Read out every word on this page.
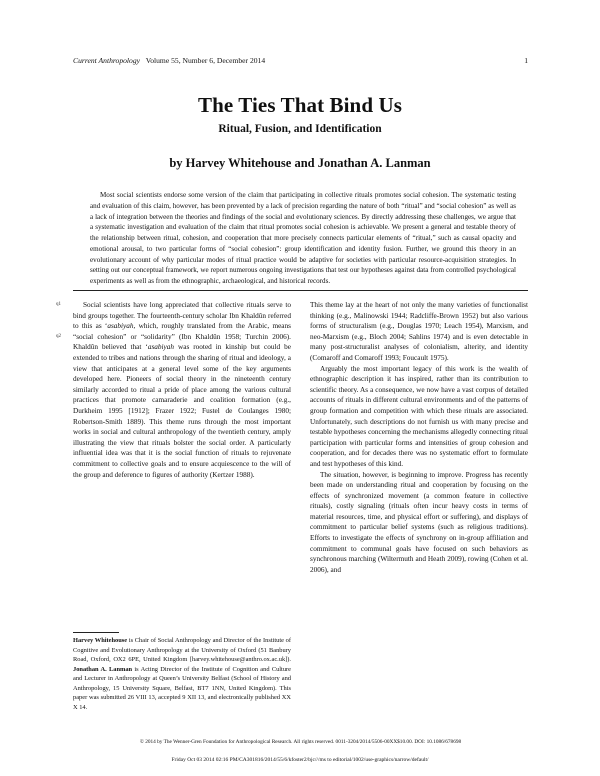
Current Anthropology Volume 55, Number 6, December 2014	1
The Ties That Bind Us
Ritual, Fusion, and Identification
by Harvey Whitehouse and Jonathan A. Lanman

Most social scientists endorse some version of the claim that participating in collective rituals promotes social cohesion. The systematic testing and evaluation of this claim, however, has been prevented by a lack of precision regarding the nature of both “ritual” and “social cohesion” as well as a lack of integration between the theories and findings of the social and evolutionary sciences. By directly addressing these challenges, we argue that a systematic investigation and evaluation of the claim that ritual promotes social cohesion is achievable. We present a general and testable theory of the relationship between ritual, cohesion, and cooperation that more precisely connects particular elements of “ritual,” such as causal opacity and emotional arousal, to two particular forms of “social cohesion”: group identification and identity fusion. Further, we ground this theory in an evolutionary account of why particular modes of ritual practice would be adaptive for societies with particular resource-acquisition strategies. In setting out our conceptual framework, we report numerous ongoing investigations that test our hypotheses against data from controlled psychological experiments as well as from the ethnographic, archaeological, and historical records.

q1
q2

Social scientists have long appreciated that collective rituals serve to bind groups together. The fourteenth-century scholar Ibn Khaldûn referred to this as ‘asabiyah, which, roughly translated from the Arabic, means “social cohesion” or “solidarity” (Ibn Khaldûn 1958; Turchin 2006). Khaldûn believed that ‘asabiyah was rooted in kinship but could be extended to tribes and nations through the sharing of ritual and ideology, a view that anticipates at a general level some of the key arguments developed here. Pioneers of social theory in the nineteenth century similarly accorded to ritual a pride of place among the various cultural practices that promote camaraderie and coalition formation (e.g., Durkheim 1995 [1912]; Frazer 1922; Fustel de Coulanges 1980; Robertson-Smith 1889). This theme runs through the most important works in social and cultural anthropology of the twentieth century, amply illustrating the view that rituals bolster the social order. A particularly influential idea was that it is the social function of rituals to rejuvenate commitment to collective goals and to ensure acquiescence to the will of the group and deference to figures of authority (Kertzer 1988).

Harvey Whitehouse is Chair of Social Anthropology and Director of the Institute of Cognitive and Evolutionary Anthropology at the University of Oxford (51 Banbury Road, Oxford, OX2 6PE, United Kingdom [harvey.whitehouse@anthro.ox.ac.uk]). Jonathan A. Lanman is Acting Director of the Institute of Cognition and Culture and Lecturer in Anthropology at Queen’s University Belfast (School of History and Anthropology, 15 University Square, Belfast, BT7 1NN, United Kingdom). This paper was submitted 26 VIII 13, accepted 9 XII 13, and electronically published XX X 14.

This theme lay at the heart of not only the many varieties of functionalist thinking (e.g., Malinowski 1944; Radcliffe-Brown 1952) but also various forms of structuralism (e.g., Douglas 1970; Leach 1954), Marxism, and neo-Marxism (e.g., Bloch 2004; Sahlins 1974) and is even detectable in many post-structuralist analyses of colonialism, alterity, and identity (Comaroff and Comaroff 1993; Foucault 1975).

Arguably the most important legacy of this work is the wealth of ethnographic description it has inspired, rather than its contribution to scientific theory. As a consequence, we now have a vast corpus of detailed accounts of rituals in different cultural environments and of the patterns of group formation and competition with which these rituals are associated. Unfortunately, such descriptions do not furnish us with many precise and testable hypotheses concerning the mechanisms allegedly connecting ritual participation with particular forms and intensities of group cohesion and cooperation, and for decades there was no systematic effort to formulate and test hypotheses of this kind.

The situation, however, is beginning to improve. Progress has recently been made on understanding ritual and cooperation by focusing on the effects of synchronized movement (a common feature in collective rituals), costly signaling (rituals often incur heavy costs in terms of material resources, time, and physical effort or suffering), and displays of commitment to particular belief systems (such as religious traditions). Efforts to investigate the effects of synchrony on in-group affiliation and commitment to communal goals have focused on such behaviors as synchronous marching (Wiltermuth and Heath 2009), rowing (Cohen et al. 2006), and

© 2014 by The Wenner-Gren Foundation for Anthropological Research. All rights reserved. 0011-3204/2014/5506-00XX$10.00. DOI: 10.1086/678698
Friday Oct 03 2014 02:16 PM/CA301816/2014/55/6/kfoster2/bjc///ms to editorial/1002/use-graphics/narrow/default/
